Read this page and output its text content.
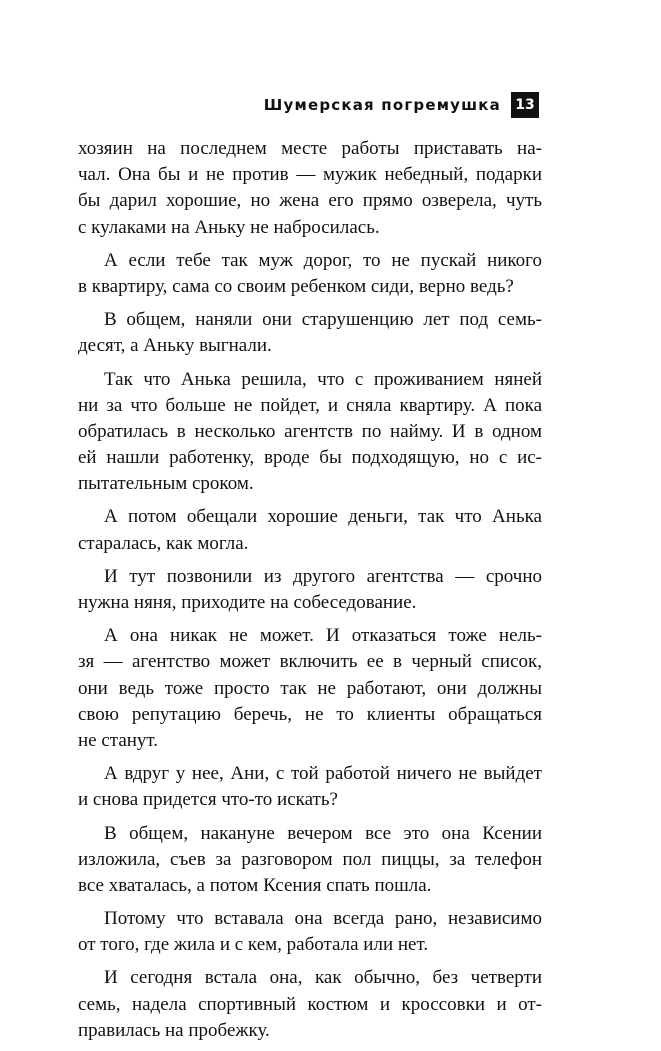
Шумерская погремушка	13
хозяин на последнем месте работы приставать на-
чал. Она бы и не против — мужик небедный, подарки
бы дарил хорошие, но жена его прямо озверела, чуть
с кулаками на Аньку не набросилась.
А если тебе так муж дорог, то не пускай никого
в квартиру, сама со своим ребенком сиди, верно ведь?
В общем, наняли они старушенцию лет под семь-
десят, а Аньку выгнали.
Так что Анька решила, что с проживанием няней
ни за что больше не пойдет, и сняла квартиру. А пока
обратилась в несколько агентств по найму. И в одном
ей нашли работенку, вроде бы подходящую, но с ис-
пытательным сроком.
А потом обещали хорошие деньги, так что Анька
старалась, как могла.
И тут позвонили из другого агентства — срочно
нужна няня, приходите на собеседование.
А она никак не может. И отказаться тоже нель-
зя — агентство может включить ее в черный список,
они ведь тоже просто так не работают, они должны
свою репутацию беречь, не то клиенты обращаться
не станут.
А вдруг у нее, Ани, с той работой ничего не выйдет
и снова придется что-то искать?
В общем, накануне вечером все это она Ксении
изложила, съев за разговором пол пиццы, за телефон
все хваталась, а потом Ксения спать пошла.
Потому что вставала она всегда рано, независимо
от того, где жила и с кем, работала или нет.
И сегодня встала она, как обычно, без четверти
семь, надела спортивный костюм и кроссовки и от-
правилась на пробежку.
